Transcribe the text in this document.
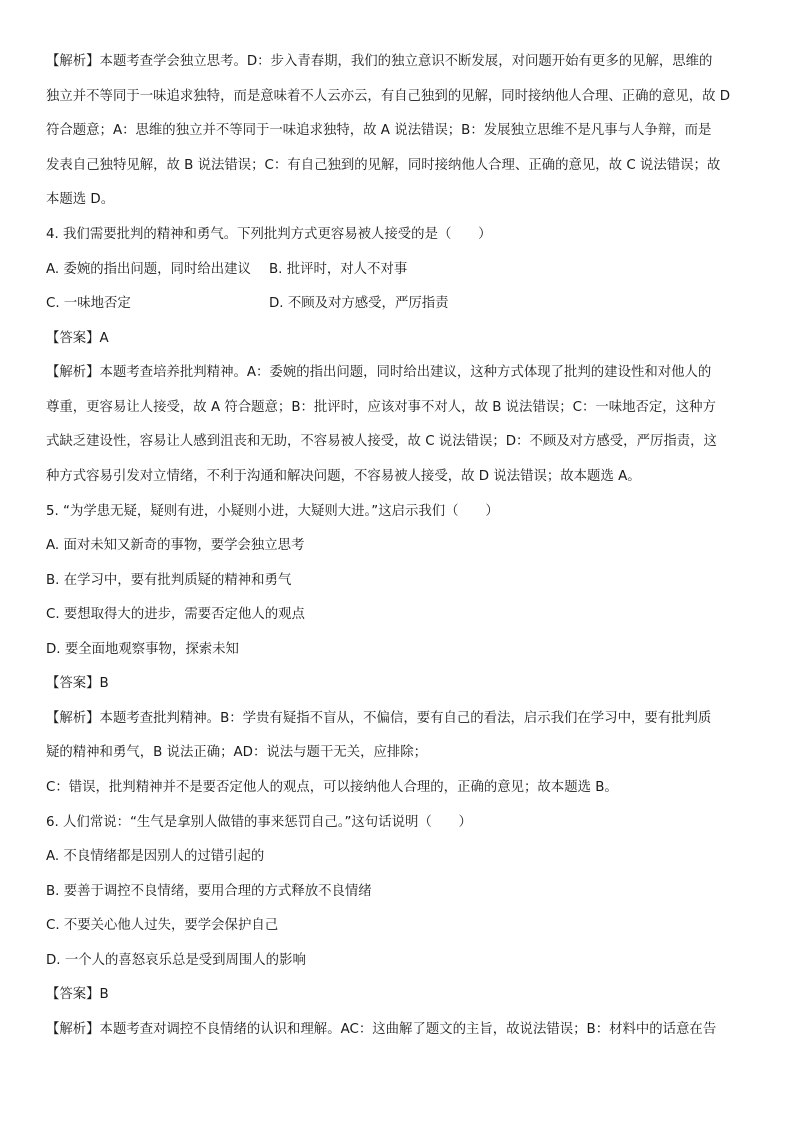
【解析】本题考查学会独立思考。D：步入青春期，我们的独立意识不断发展，对问题开始有更多的见解，思维的
独立并不等同于一味追求独特，而是意味着不人云亦云，有自己独到的见解，同时接纳他人合理、正确的意见，故 D
符合题意；A：思维的独立并不等同于一味追求独特，故 A 说法错误；B：发展独立思维不是凡事与人争辩，而是
发表自己独特见解，故 B 说法错误；C：有自己独到的见解，同时接纳他人合理、正确的意见，故 C 说法错误；故
本题选 D。
4. 我们需要批判的精神和勇气。下列批判方式更容易被人接受的是（　　）
A. 委婉的指出问题，同时给出建议	B. 批评时，对人不对事
C. 一味地否定	D. 不顾及对方感受，严厉指责
【答案】A
【解析】本题考查培养批判精神。A：委婉的指出问题，同时给出建议，这种方式体现了批判的建设性和对他人的
尊重，更容易让人接受，故 A 符合题意；B：批评时，应该对事不对人，故 B 说法错误；C：一味地否定，这种方
式缺乏建设性，容易让人感到沮丧和无助，不容易被人接受，故 C 说法错误；D：不顾及对方感受，严厉指责，这
种方式容易引发对立情绪，不利于沟通和解决问题，不容易被人接受，故 D 说法错误；故本题选 A。
5. “为学患无疑，疑则有进，小疑则小进，大疑则大进。”这启示我们（　　）
A. 面对未知又新奇的事物，要学会独立思考
B. 在学习中，要有批判质疑的精神和勇气
C. 要想取得大的进步，需要否定他人的观点
D. 要全面地观察事物，探索未知
【答案】B
【解析】本题考查批判精神。B：学贵有疑指不盲从，不偏信，要有自己的看法，启示我们在学习中，要有批判质
疑的精神和勇气，B 说法正确；AD：说法与题干无关，应排除；
C：错误，批判精神并不是要否定他人的观点，可以接纳他人合理的，正确的意见；故本题选 B。
6. 人们常说：“生气是拿别人做错的事来惩罚自己。”这句话说明（　　）
A. 不良情绪都是因别人的过错引起的
B. 要善于调控不良情绪，要用合理的方式释放不良情绪
C. 不要关心他人过失，要学会保护自己
D. 一个人的喜怒哀乐总是受到周围人的影响
【答案】B
【解析】本题考查对调控不良情绪的认识和理解。AC：这曲解了题文的主旨，故说法错误；B：材料中的话意在告
